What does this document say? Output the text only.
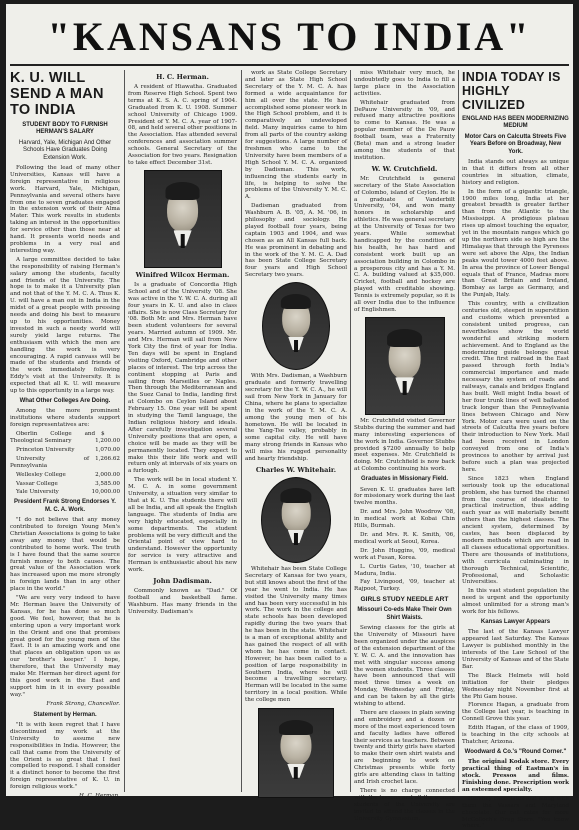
"KANSANS TO INDIA"
K. U. WILL SEND A MAN TO INDIA
STUDENT BODY TO FURNISH HERMAN'S SALARY
Harvard, Yale, Michigan And Other Schools Have Graduates Doing Extension Work.

Following the lead of many other Universities, Kansas will have a foreign representative in religious work. Harvard, Yale, Michigan, Pennsylvania and several others have from one to seven graduates engaged in the extension work of their Alma Mater. This work results in students taking an interest in the opportunities for service other than those near at hand. It presents world needs and problems in a very real and interesting way.

A large committee decided to take the responsibility of raising Herman's salary among the students, faculty and friends of the University. The hope is to make it a University plan and not that of the Y. M. C. A. Thus K. U. will have a man out in India in the midst of a great people with pressing needs and doing his best to measure up to his opportunities. Money invested in such a needy world will surely yield large returns. The enthusiasm with which the men are handling the work is very encouraging. A rapid canvass will be made of the students and friends of the work immediately following Eddy's visit at the University. It is expected that all K. U. will measure up to this opportunity in a large way.

What Other Colleges Are Doing.

Among the more prominent institutions where students support foreign representatives are:

Oberlin College and Theological Seminary
$ 1,200.00

Princeton University	1,070.00

University of Pennsylvania
1,266.62

Wellesley College	2,000.00

Vassar College	3,585.00

Yale University	10,000.00

President Frank Strong Endorses Y. M. C. A. Work.

"I do not believe that any money contributed to foreign Young Men's Christian Associations is going to take away any money that would be contributed to home work. The truth is I have found that the same source furnish money to both causes. The great value of the Association work has increased upon me more strongly in foreign lands than in any other place in the world."

"We are very very indeed to have Mr. Herman leave the University of Kansas, for he has done so much good. We feel, however, that he is entering upon a very important work in the Orient and one that promises great good for the young men of the East. It is an amazing work and one that places an obligation upon us as our 'brother's keeper.' I hope, therefore, that the University may make Mr. Herman her direct agent for this good work in the East and support him in it in every possible way."

Frank Strong, Chancellor.
Statement by Herman.

"It is with keen regret that I have discontinued my work at the University to assume new responsibilities in India. However, the call that came from the University of the Orient is so great that I feel compelled to respond. I shall consider it a distinct honor to become the first foreign representative of K. U. in foreign religious work."

H. C. Herman.
H. C. Herman.

A resident of Hiawatha. Graduated from Reserve High School. Spent two terms at K. S. A. C. spring of 1904. Graduated from K. U. 1908. Summer school University of Chicago 1909. President of Y. M. C. A. year of 1907-08, and held several other positions in the Association. Has attended several conferences and association summer schools. General Secretary of the Association for two years. Resignation to take effect December 31st.

Winifred Wilcox Herman.

Is a graduate of Concordia High School and of the University '08. She was active in the Y. W. C. A. during all four years in K. U. and also in class affairs. She is now Class Secretary for '08. Both Mr. and Mrs. Herman have been student volunteers for several years. Married autumn of 1909. Mr. and Mrs. Herman will sail from New York City the first of year for India. Ten days will be spent in England visiting Oxford, Cambridge and other places of interest. The trip across the continent stopping at Paris and sailing from Marseilles or Naples. Then through the Mediterranean and the Suez Canal to India, landing first at Colombo on Ceylon Island about February 15. One year will be spent in studying the Tamil language, the Indian religious history and ideals. After carefully investigation several University positions that are open, a choice will be made as they will be permanently located. They expect to make this their life work and will return only at intervals of six years on a furlough.

The work will be in local student Y. M. C. A. in some government University, a situation very similar to that at K. U. The students there will all be India, and all speak the English language. The students of India are very highly educated, especially in some departments. The student problems will be very difficult and the Oriental point of view hard to understand. However the opportunity for service is very attractive and Herman is enthusiastic about his new work.

John Dadisman.

Commonly known as "Dad." Of football and basketball fame. Washburn. Has many friends in the University. Dadisman's

work as State College Secretary and later as State High School Secretary of the Y. M. C. A. has formed a wide acquaintance for him all over the state. He has accomplished some pioneer work in the High School problem, and it is comparatively an undeveloped field. Many inquiries came to him from all parts of the country asking for suggestions. A large number of freshmen who came to the University have been members of a High School Y. M. C. A. organized by Dadisman. This work, influencing the students early in life, is helping to solve the problems of the University Y. M. C. A.

Dadisman graduated from Washburn A. B. '05, A. M. '06, in philosophy and sociology. He played football four years, being captain 1903 and 1904, and was chosen as an All Kansas full back. He was prominent in debating and in the work of the Y. M. C. A. Dad has been State College Secretary four years and High School Secretary two years.

With Mrs. Dadisman, a Washburn graduate and formerly travelling secretary for the Y. W. C. A., he will sail from New York in January for China, where he plans to specialize in the work of the Y. M. C. A. among the young men of his hometown. He will be located in the Yang-Tse valley, probably in some capital city. He will have many strong friends in Kansas who will miss his rugged personality and hearty friendship.

Charles W. Whitehair.

Whitehair has been State College Secretary of Kansas for two years, but still knows about the first of the year he went to India. He has visited the University many times and has been very successful in his work. The work in the college and state schools has been developed rapidly during the two years that he has been in the state. Whitehair is a man of exceptional ability and has gained the respect of all with whom he has come in contact. However, he has been called to a position of large responsibility in Southern India, where he will become a travelling secretary. Herman will be located in the same territory in a local position. While the college men

miss Whitehair very much, he undoubtedly goes to India to fill a large place in the Association activities.

Whitehair graduated from DePauw University in '09, and refused many attractive positions to come to Kansas. He was a popular member of the De Pauw football team, was a Fraternity (Beta) man and a strong leader among the students of that institution.

W. W. Crutchfield.

Mr. Crutchfield is general secretary of the State Association of Colombo, island of Ceylon. He is a graduate of Vanderbilt University, '04, and won many honors in scholarship and athletics. He was general secretary at the University of Texas for two years. While somewhat handicapped by the condition of his health, he has hard and consistent work built up an association building in Colombo in a prosperous city and has a Y. M. C. A. building valued at $35,000. Cricket, football and hockey are played with creditable showing. Tennis is extremely popular, so it is all over India due to the influence of Englishmen.

Mr. Crutchfield visited Governor Stubbs during the summer and had many interesting experiences of the work in India. Governor Stubbs provided $7200 annually to help meet expenses. Mr. Crutchfield is doing. Mr. Crutchfield is now back at Colombo continuing his work.

Graduates in Missionary Field.

Seven K. U. graduates have left for missionary work during the last twelve months.

Dr. and Mrs. John Woodrow '08, in medical work at Kobai Chin Hills, Burmah.

Dr. and Mrs. R. K. Smith, '06, medical work at Seoul, Korea.

Dr. John Huggins, '09, medical work at Fusan, Korea.

L. Curtis Gates, '10, teacher at Madura, India.

Fay Livingood, '09, teacher at Rajpoot, Turkey.

GIRLS STUDY NEEDLE ART
Missouri Co-eds Make Their Own Shirt Waists.

Sewing classes for the girls at the University of Missouri have been organized under the auspices of the extension department of the Y. W. C. A. and the innovation has met with singular success among the women students. Three classes have been announced that will meet three times a week on Monday, Wednesday and Friday, and can be taken by all the girls wishing to attend.

There are classes in plain sewing and embroidery and a dozen or more of the most experienced town and faculty ladies have offered their services as teachers. Between twenty and thirty girls have started to make their own shirt waists and are beginning to work on Christmas presents while forty girls are attending class in tatting and Irish crochet lace.

There is no charge connected with the lessons and all the women students of the University are invited to attend the classes in the University Gymnasium.

INDIA TODAY IS HIGHLY CIVILIZED
ENGLAND HAS BEEN MODERNIZING MEDIUM
Motor Cars on Calcutta Streets Five Years Before on Broadway, New York.

India stands out always as unique in that it differs from all other countries in situation, climate, history and religion.

In the form of a gigantic triangle, 1900 miles long, India at her greatest breadth is greater farther than from the Atlantic to the Mississippi. A prodigious plateau rises up almost touching the equator, yet in the mountain ranges which go up the northern side so high are the Himalayas that through the Pyrenees were set above the Alps, the Indian peaks would tower 4000 feet above. In area the province of Lower Bengal equals that of France, Madras more than Great Britain and Ireland, Bombay as large as Germany, and the Punjab, Italy.

This country, with a civilization centuries old, steeped in superstition and customs which prevented a consistent united progress, can nevertheless show the world wonderful and striking modern achievement. And to England as the modernizing guide belongs great credit. The first railroad in the East passed through forth India's commercial importance and made necessary the system of roads and railways, canals and bridges England has built. Well might India boast of her four trunk lines of well ballasted track longer than the Pennsylvania lines between Chicago and New York. Motor cars were used on the streets of Calcutta five years before their introduction to New York. Mail had been received in London conveyed from one of India's provinces to another by arrival just before such a plan was projected here.

Since 1823 when England seriously took up the educational problem, she has turned the channel from the course of idealistic to practical instruction, thus adding each year as will materially benefit others than the highest classes. The ancient system, determined by castes, has been displaced by modern methods which are read in all classes educational opportunities. There are thousands of institutions, with curricula culminating in thorough Technical, Scientific, Professional, and Scholastic Universities.

In this vast student population the need is urgent and the opportunity almost unlimited for a strong man's work for his fellows.

Kansas Lawyer Appears

The last of the Kansas Lawyer appeared last Saturday. The Kansas Lawyer is published monthly in the interests of the Law School of the University of Kansas and of the State Bar.

The Black Helmets will hold initiation for their pledges Wednesday night November first at the Phi Gam house.

Florence Hagan, a graduate from the College last year, is teaching in Connell Grove this year.

Edith Hagan, of the class of 1909, is teaching in the city schools at Thatcher, Arizona.

Woodward & Co.'s "Round Corner."

The original Kodak store. Every practical thing of Eastman's in stock. Pressos and films. Finishing done. Prescription work an esteemed specialty.

Hershey chocolates and along with them the Vassars and Maryland chocolate. Our call rates for more McColloch's Drug Store. "You know where."
